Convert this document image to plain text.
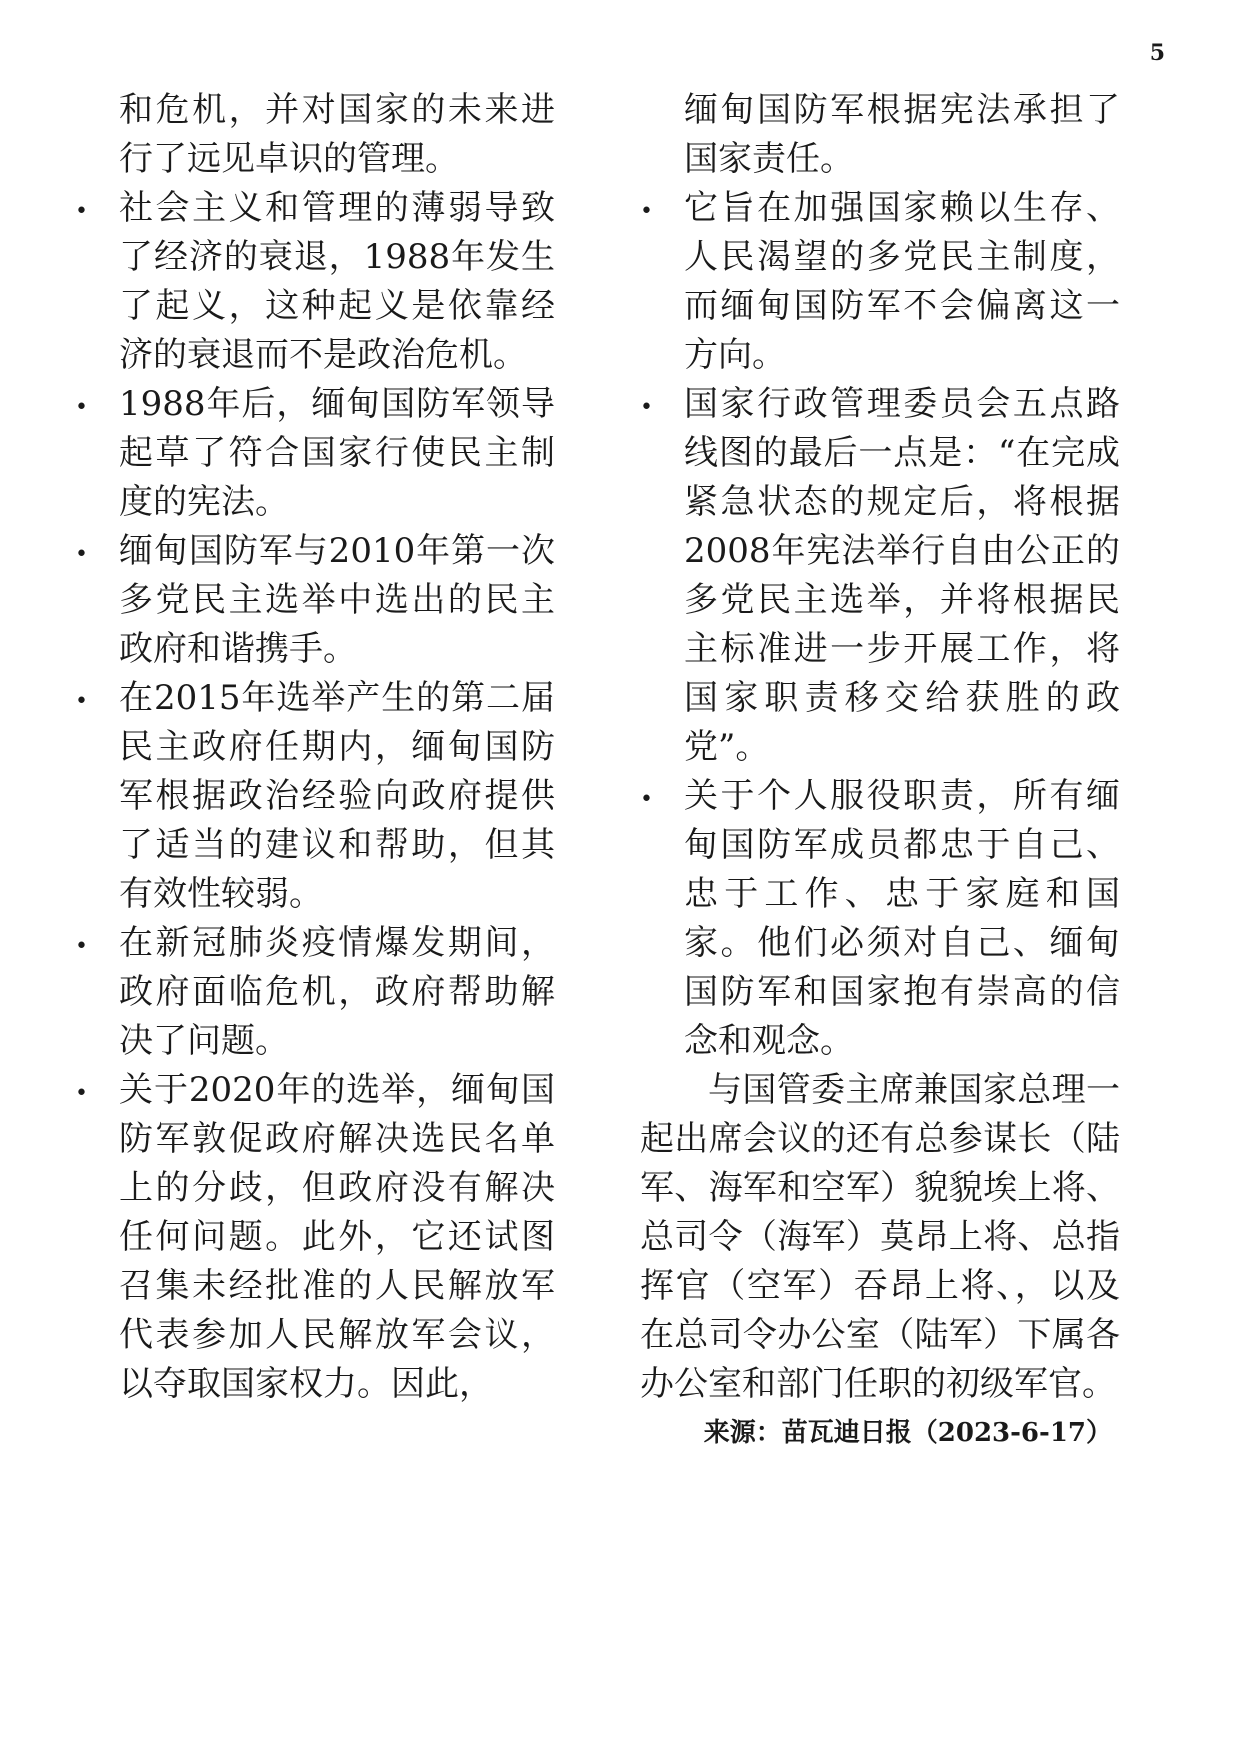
5
和危机，并对国家的未来进行了远见卓识的管理。
• 社会主义和管理的薄弱导致了经济的衰退，1988年发生了起义，这种起义是依靠经济的衰退而不是政治危机。
• 1988年后，缅甸国防军领导起草了符合国家行使民主制度的宪法。
• 缅甸国防军与2010年第一次多党民主选举中选出的民主政府和谐携手。
• 在2015年选举产生的第二届民主政府任期内，缅甸国防军根据政治经验向政府提供了适当的建议和帮助，但其有效性较弱。
• 在新冠肺炎疫情爆发期间，政府面临危机，政府帮助解决了问题。
• 关于2020年的选举，缅甸国防军敦促政府解决选民名单上的分歧，但政府没有解决任何问题。此外，它还试图召集未经批准的人民解放军代表参加人民解放军会议，以夺取国家权力。因此，
缅甸国防军根据宪法承担了国家责任。
• 它旨在加强国家赖以生存、人民渴望的多党民主制度，而缅甸国防军不会偏离这一方向。
• 国家行政管理委员会五点路线图的最后一点是：“在完成紧急状态的规定后，将根据2008年宪法举行自由公正的多党民主选举，并将根据民主标准进一步开展工作，将国家职责移交给获胜的政党”。
• 关于个人服役职责，所有缅甸国防军成员都忠于自己、忠于工作、忠于家庭和国家。他们必须对自己、缅甸国防军和国家抱有崇高的信念和观念。

与国管委主席兼国家总理一起出席会议的还有总参谋长（陆军、海军和空军）貌貌埃上将、总司令（海军）莫昂上将、总指挥官（空军）吞昂上将、，以及在总司令办公室（陆军）下属各办公室和部门任职的初级军官。

来源：苗瓦迪日报（2023-6-17）
